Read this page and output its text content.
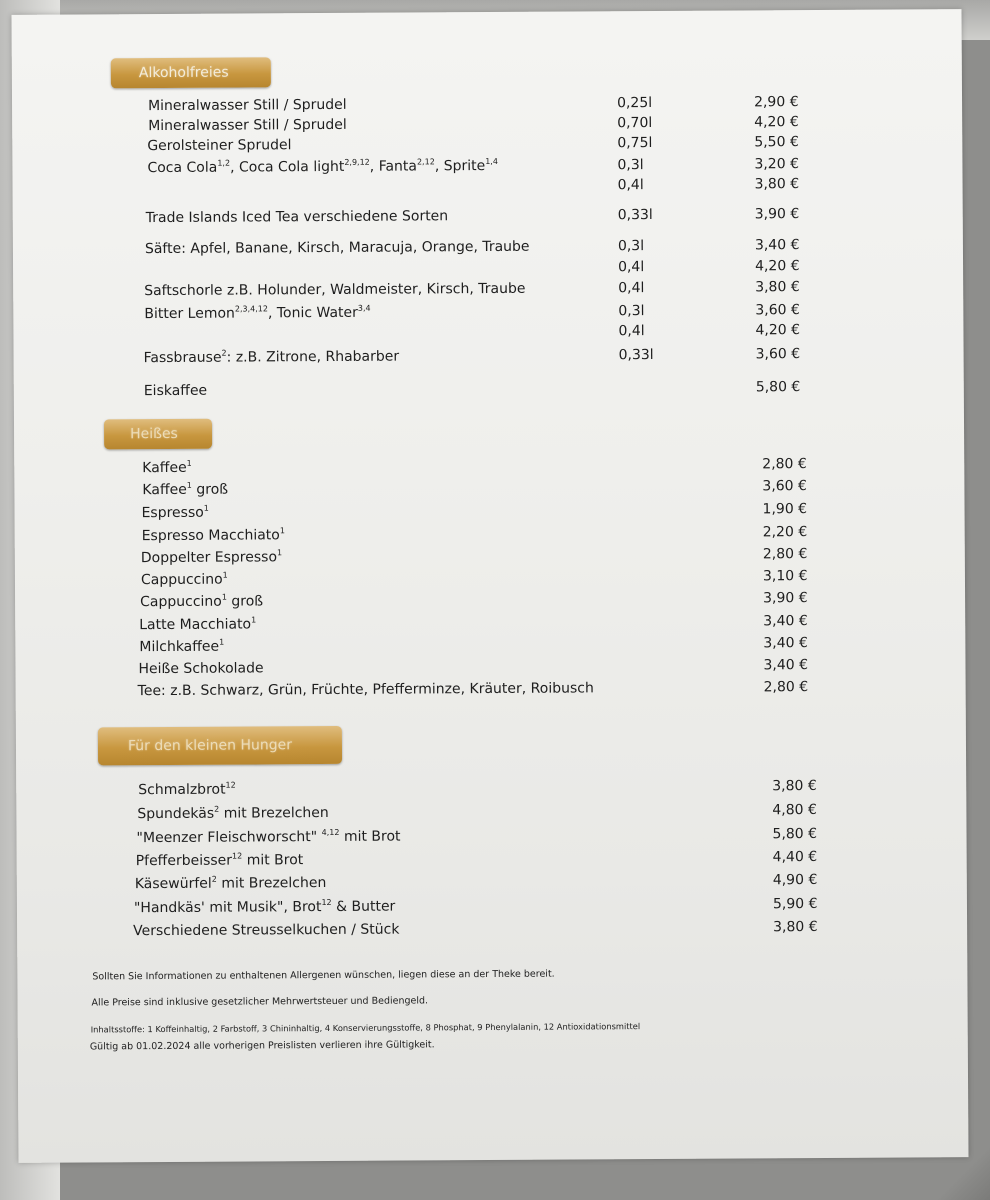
Alkoholfreies
Mineralwasser Still / Sprudel	0,25l	2,90 €
Mineralwasser Still / Sprudel	0,70l	4,20 €
Gerolsteiner Sprudel	0,75l	5,50 €
Coca Cola$^{1,2}$, Coca Cola light$^{2,9,12}$, Fanta$^{2,12}$, Sprite$^{1,4}$	0,3l	3,20 €
0,4l	3,80 €
Trade Islands Iced Tea verschiedene Sorten	0,33l	3,90 €
Säfte: Apfel, Banane, Kirsch, Maracuja, Orange, Traube	0,3l	3,40 €
0,4l	4,20 €
Saftschorle z.B. Holunder, Waldmeister, Kirsch, Traube	0,4l	3,80 €
Bitter Lemon$^{2,3,4,12}$, Tonic Water$^{3,4}$	0,3l	3,60 €
0,4l	4,20 €
Fassbrause$^2$: z.B. Zitrone, Rhabarber	0,33l	3,60 €
Eiskaffee	5,80 €
Heißes
Kaffee$^1$	2,80 €
Kaffee$^1$ groß	3,60 €
Espresso$^1$	1,90 €
Espresso Macchiato$^1$	2,20 €
Doppelter Espresso$^1$	2,80 €
Cappuccino$^1$	3,10 €
Cappuccino$^1$ groß	3,90 €
Latte Macchiato$^1$	3,40 €
Milchkaffee$^1$	3,40 €
Heiße Schokolade	3,40 €
Tee: z.B. Schwarz, Grün, Früchte, Pfefferminze, Kräuter, Roibusch	2,80 €
Für den kleinen Hunger
Schmalzbrot$^{12}$	3,80 €
Spundekäs$^2$ mit Brezelchen	4,80 €
"Meenzer Fleischworscht" $^{4,12}$ mit Brot	5,80 €
Pfefferbeisser$^{12}$ mit Brot	4,40 €
Käsewürfel$^2$ mit Brezelchen	4,90 €
"Handkäs' mit Musik", Brot$^{12}$ & Butter	5,90 €
Verschiedene Streusselkuchen / Stück	3,80 €
Sollten Sie Informationen zu enthaltenen Allergenen wünschen, liegen diese an der Theke bereit.
Alle Preise sind inklusive gesetzlicher Mehrwertsteuer und Bediengeld.
Inhaltsstoffe: 1 Koffeinhaltig, 2 Farbstoff, 3 Chininhaltig, 4 Konservierungsstoffe, 8 Phosphat, 9 Phenylalanin, 12 Antioxidationsmittel
Gültig ab 01.02.2024 alle vorherigen Preislisten verlieren ihre Gültigkeit.
